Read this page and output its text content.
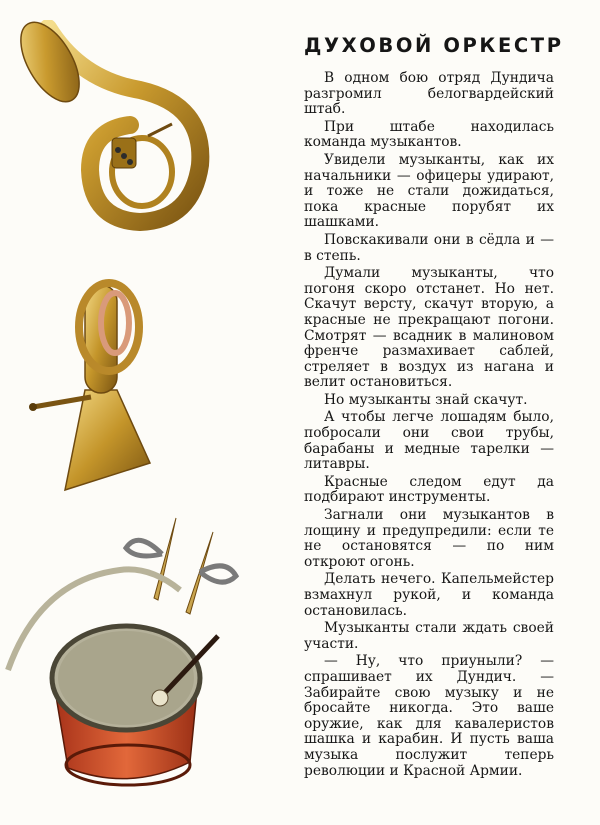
ДУХОВОЙ ОРКЕСТР

В одном бою отряд Дундича разгромил белогвардейский штаб.

При штабе находилась команда музыкантов.

Увидели музыканты, как их начальники — офицеры удирают, и тоже не стали дожидаться, пока красные порубят их шашками.

Повскакивали они в сёдла и — в степь.

Думали музыканты, что погоня скоро отстанет. Но нет. Скачут версту, скачут вторую, а красные не прекращают погони. Смотрят — всадник в малиновом френче размахивает саблей, стреляет в воздух из нагана и велит остановиться.

Но музыканты знай скачут.

А чтобы легче лошадям было, побросали они свои трубы, барабаны и медные тарелки — литавры.

Красные следом едут да подбирают инструменты.

Загнали они музыкантов в лощину и предупредили: если те не остановятся — по ним откроют огонь.

Делать нечего. Капельмейстер взмахнул рукой, и команда остановилась.

Музыканты стали ждать своей участи.

— Ну, что приуныли? — спрашивает их Дундич. — Забирайте свою музыку и не бросайте никогда. Это ваше оружие, как для кавалеристов шашка и карабин. И пусть ваша музыка послужит теперь революции и Красной Армии.
